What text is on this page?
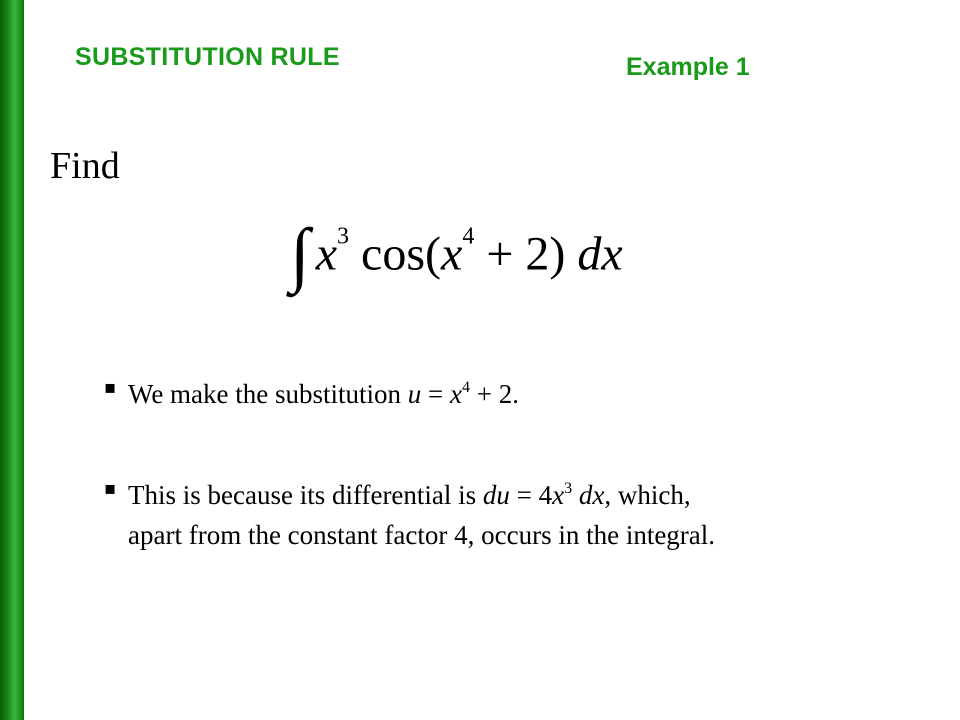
SUBSTITUTION RULE	Example 1
Find
∫ $x^3$ $\cos(x^4 + 2)$ dx
▪ We make the substitution $u = x^4 + 2$.
▪ This is because its differential is du = $4x^3$ dx, which,
apart from the constant factor 4, occurs in the integral.
